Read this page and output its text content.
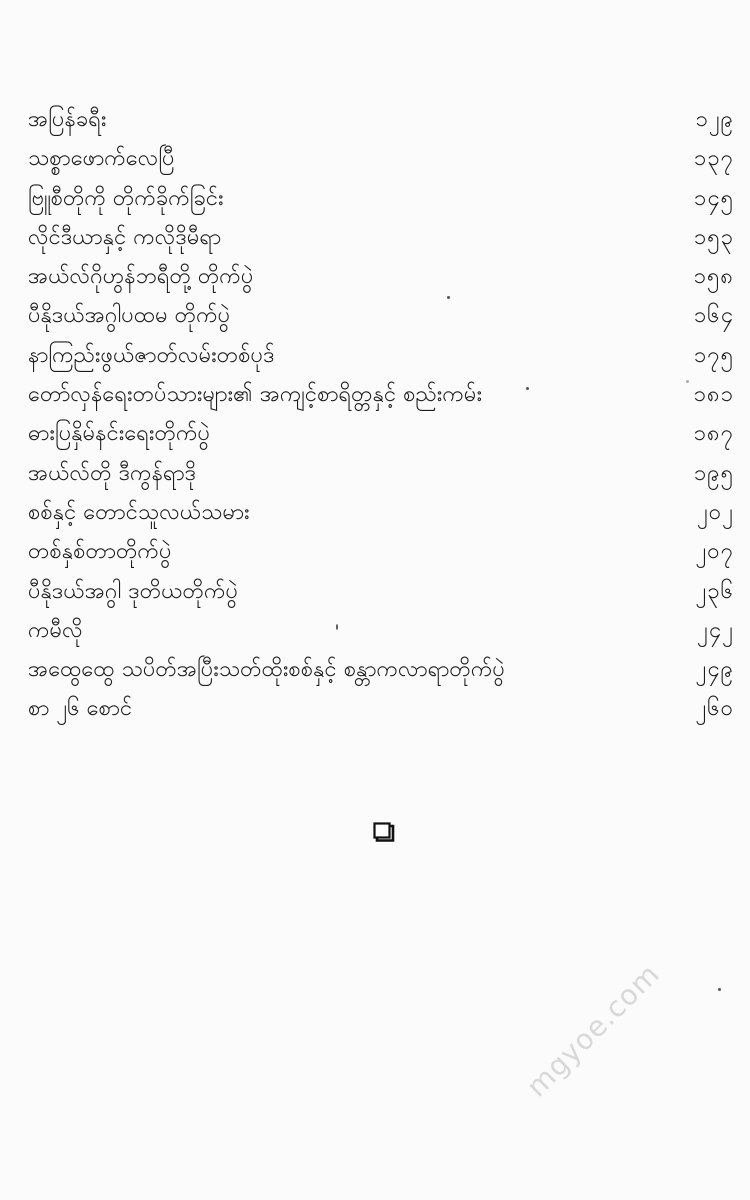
အပြန်ခရီး	၁၂၉
သစ္စာဖောက်လေပြီ	၁၃၇
ဗြူစီတိုကို တိုက်ခိုက်ခြင်း	၁၄၅
လိုင်ဒီယာနှင့် ကလိုဒိုမီရာ	၁၅၃
အယ်လ်ဂိုဟွန်ဘရီတို့ တိုက်ပွဲ	၁၅၈
ပီနိုဒယ်အဂွါပထမ တိုက်ပွဲ	၁၆၄
နာကြည်းဖွယ်ဇာတ်လမ်းတစ်ပုဒ်	၁၇၅
တော်လှန်ရေးတပ်သားများ၏ အကျင့်စာရိတ္တနှင့် စည်းကမ်း	၁၈၁
ဓားပြနှိမ်နင်းရေးတိုက်ပွဲ	၁၈၇
အယ်လ်တို ဒီကွန်ရာဒို	၁၉၅
စစ်နှင့် တောင်သူလယ်သမား	၂၀၂
တစ်နှစ်တာတိုက်ပွဲ	၂၀၇
ပီနိုဒယ်အဂွါ ဒုတိယတိုက်ပွဲ	၂၃၆
ကမီလို	၂၄၂
အထွေထွေ သပိတ်အပြီးသတ်ထိုးစစ်နှင့် စန္တာကလာရာတိုက်ပွဲ	၂၄၉
စာ ၂၆ စောင်	၂၆၀
mgyoe.com
